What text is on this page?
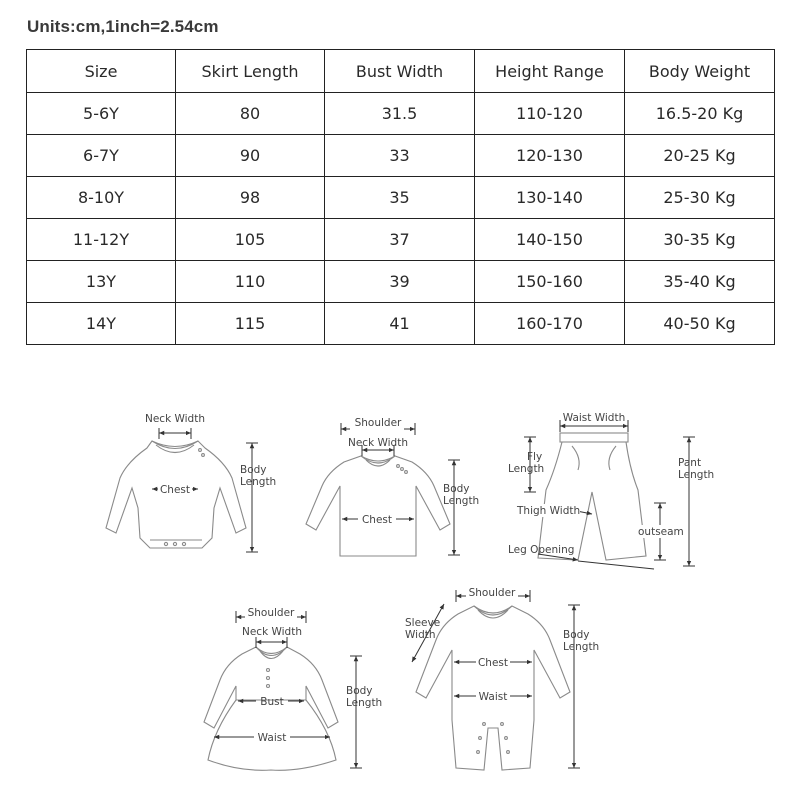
Units:cm,1inch=2.54cm
Size	Skirt Length	Bust Width	Height Range	Body Weight
5-6Y	80	31.5	110-120	16.5-20 Kg
6-7Y	90	33	120-130	20-25 Kg
8-10Y	98	35	130-140	25-30 Kg
11-12Y	105	37	140-150	30-35 Kg
13Y	110	39	150-160	35-40 Kg
14Y	115	41	160-170	40-50 Kg
Neck Width
Chest
Body
Length
Shoulder
Neck Width
Chest
Body
Length
Waist Width
Fly
Length	Pant
Length
Thigh Width
outseam
Leg Opening
Shoulder
Neck Width
Bust
Waist
Body
Length
Shoulder
Sleeve
Width
Chest
Waist
Body
Length
